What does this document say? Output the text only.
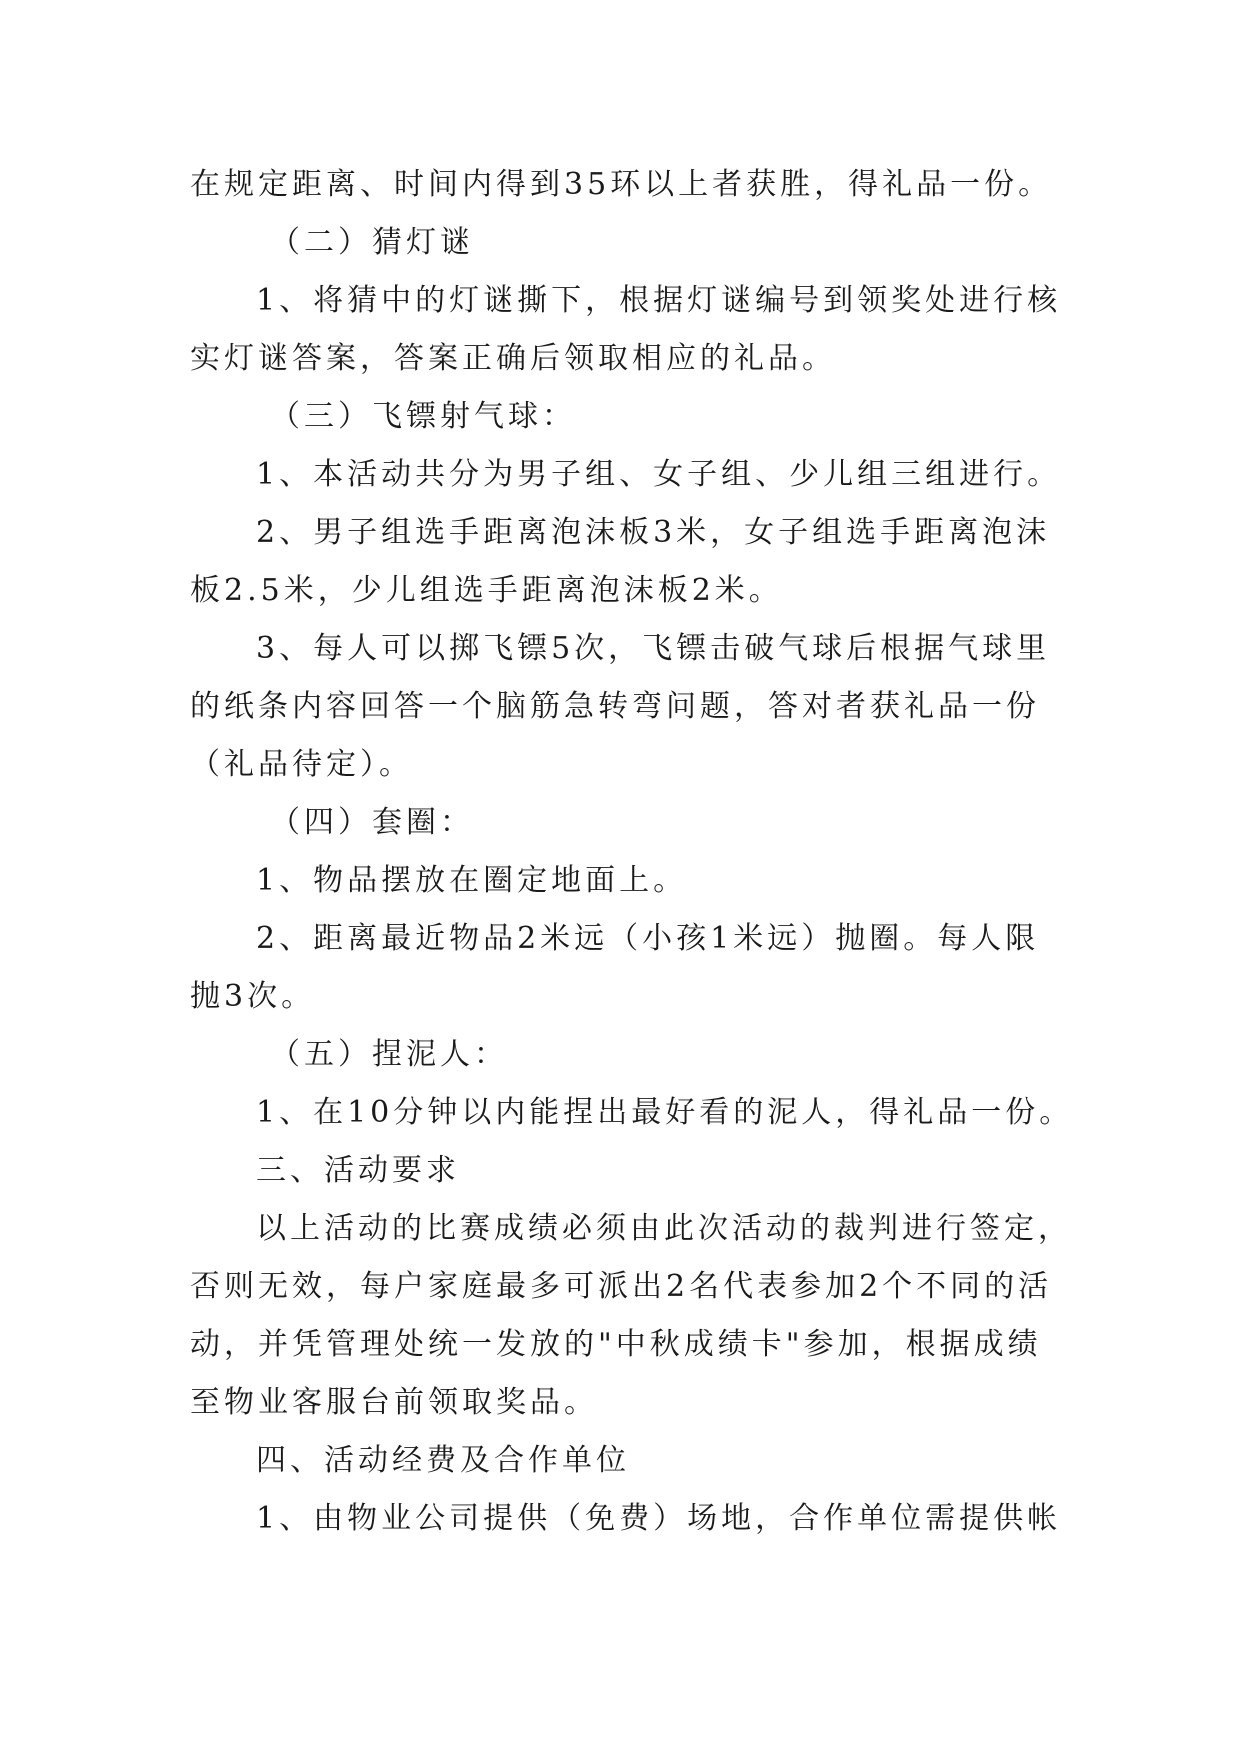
在规定距离、时间内得到35环以上者获胜，得礼品一份。
（二）猜灯谜
1、将猜中的灯谜撕下，根据灯谜编号到领奖处进行核
实灯谜答案，答案正确后领取相应的礼品。
（三）飞镖射气球：
1、本活动共分为男子组、女子组、少儿组三组进行。
2、男子组选手距离泡沫板3米，女子组选手距离泡沫
板2.5米，少儿组选手距离泡沫板2米。
3、每人可以掷飞镖5次，飞镖击破气球后根据气球里
的纸条内容回答一个脑筋急转弯问题，答对者获礼品一份
（礼品待定）。
（四）套圈：
1、物品摆放在圈定地面上。
2、距离最近物品2米远（小孩1米远）抛圈。每人限
抛3次。
（五）捏泥人：
1、在10分钟以内能捏出最好看的泥人，得礼品一份。
三、活动要求
以上活动的比赛成绩必须由此次活动的裁判进行签定，
否则无效，每户家庭最多可派出2名代表参加2个不同的活
动，并凭管理处统一发放的"中秋成绩卡"参加，根据成绩
至物业客服台前领取奖品。
四、活动经费及合作单位
1、由物业公司提供（免费）场地，合作单位需提供帐
